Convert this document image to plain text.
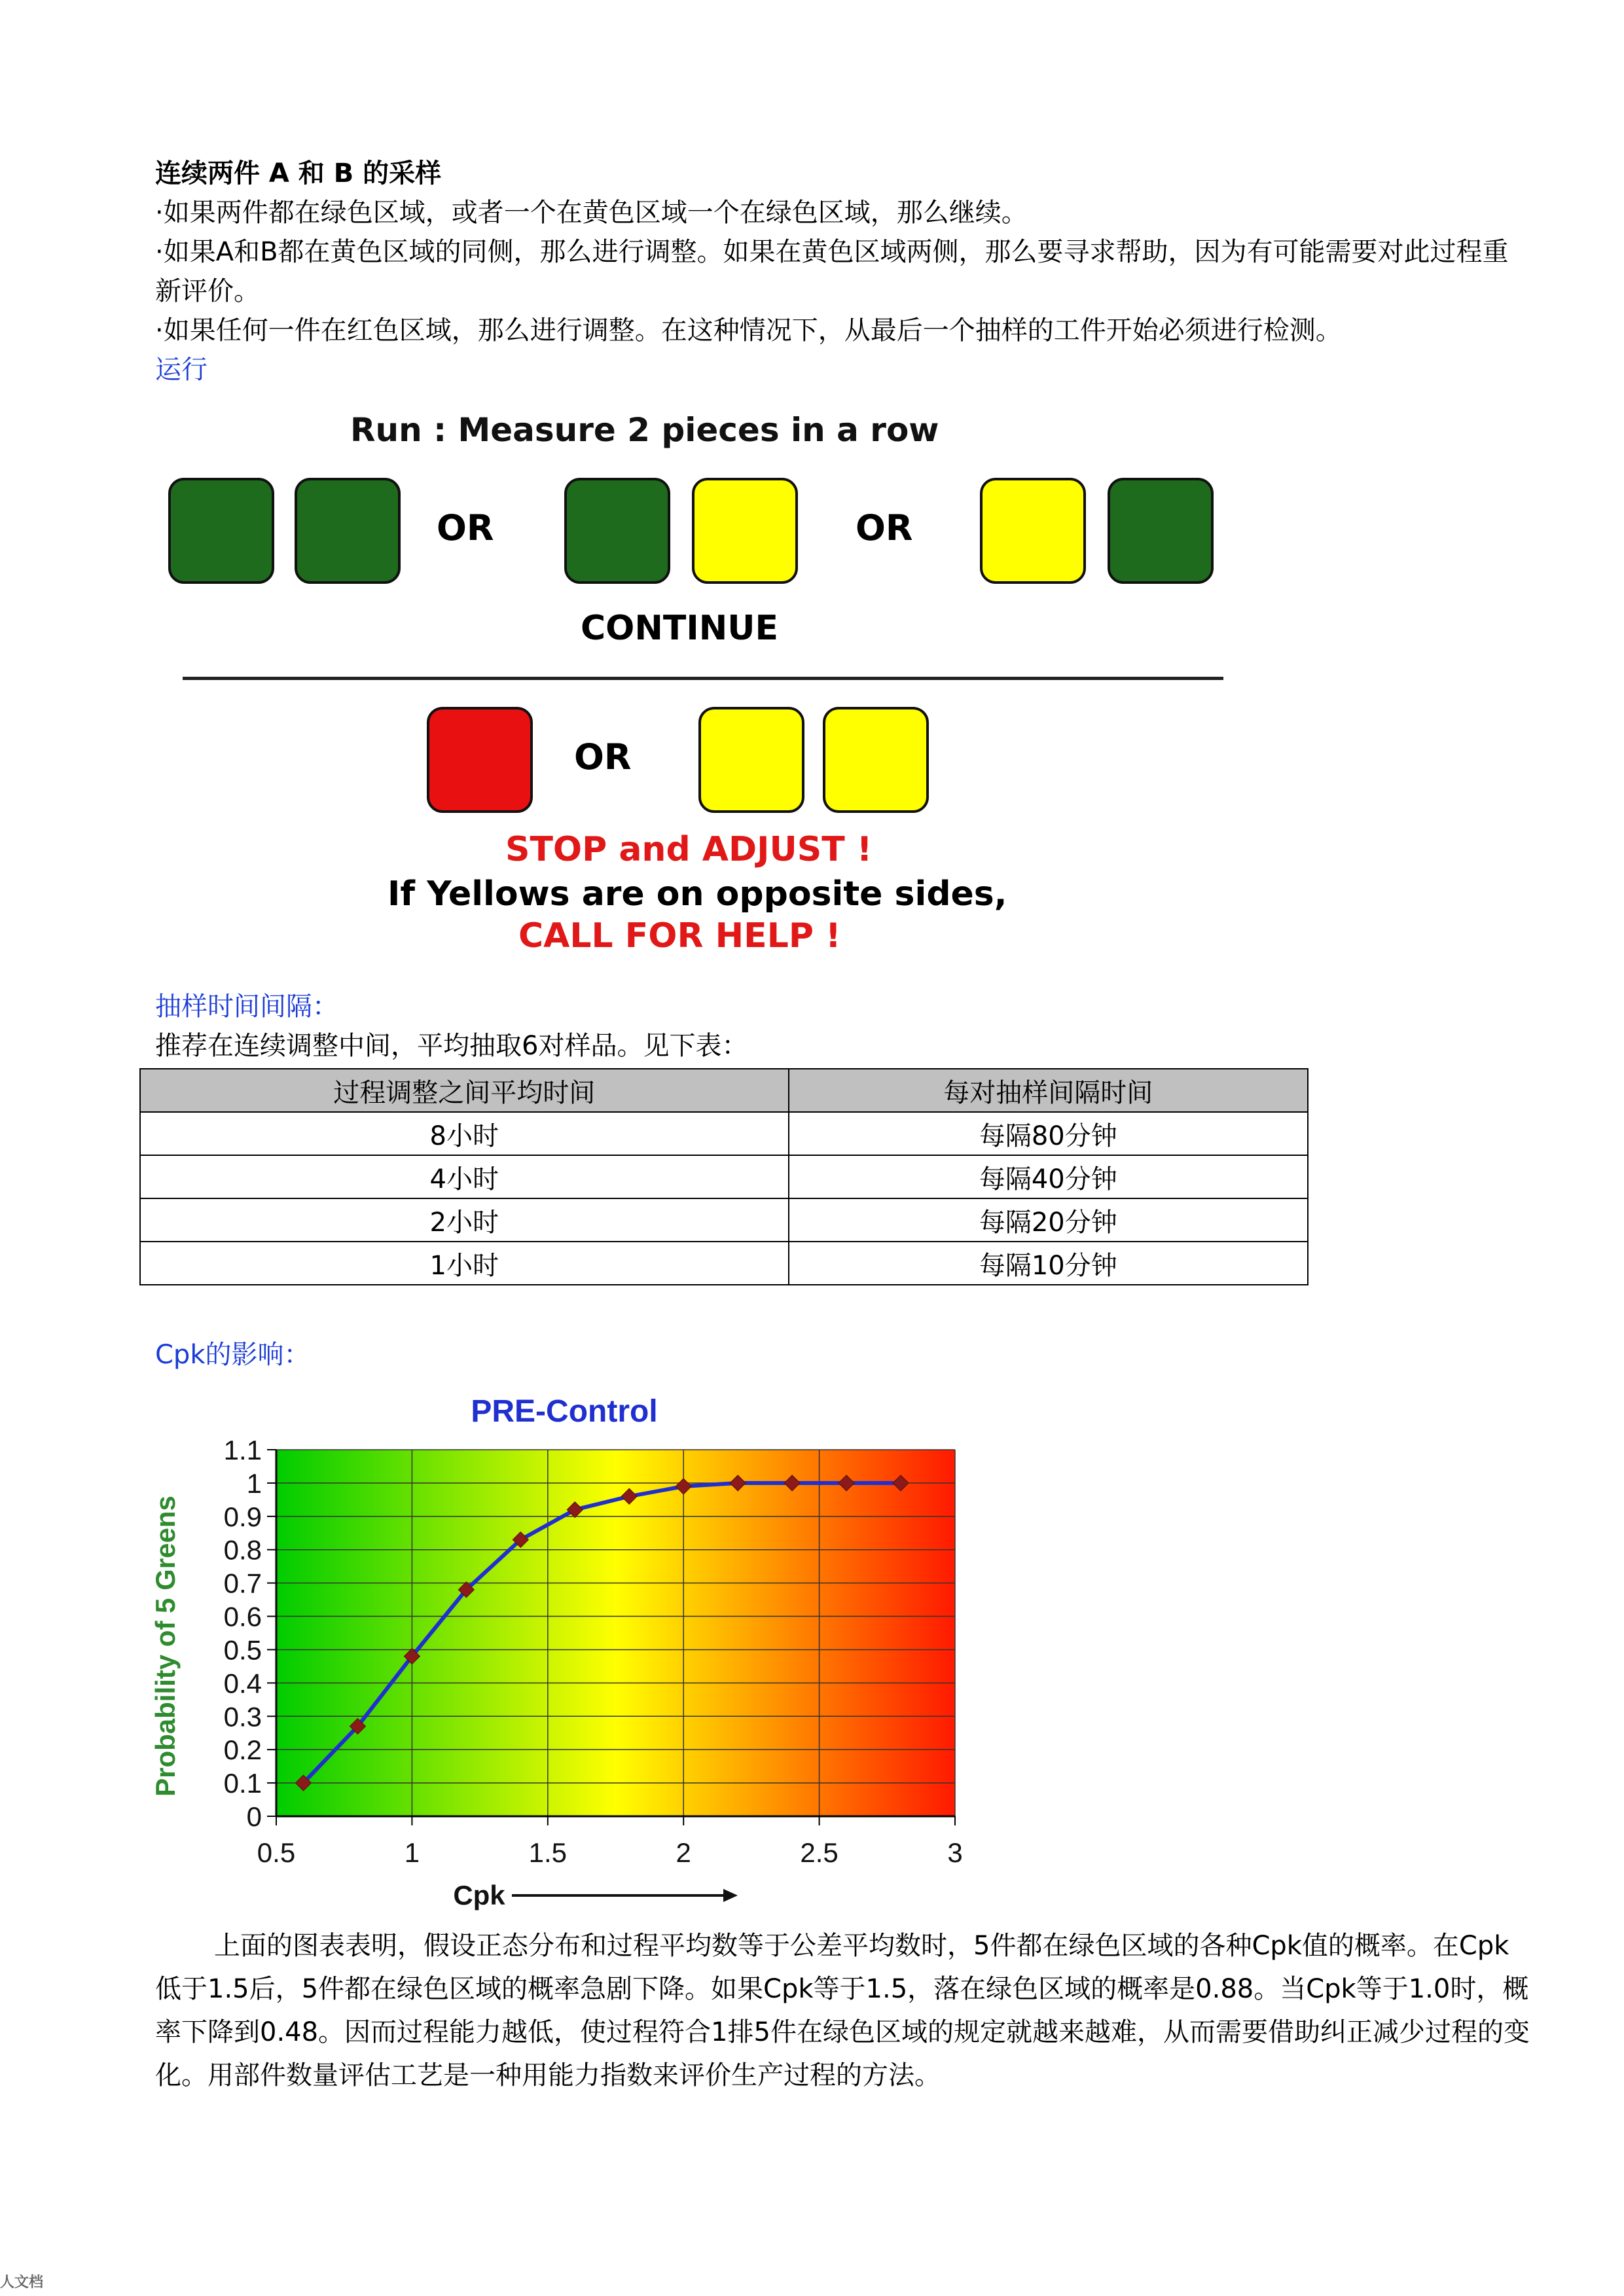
连续两件 A 和 B 的采样
·如果两件都在绿色区域，或者一个在黄色区域一个在绿色区域，那么继续。
·如果A和B都在黄色区域的同侧，那么进行调整。如果在黄色区域两侧，那么要寻求帮助，因为有可能需要对此过程重新评价。
·如果任何一件在红色区域，那么进行调整。在这种情况下，从最后一个抽样的工件开始必须进行检测。
运行
Run : Measure 2 pieces in a row
OR	OR
CONTINUE
OR
STOP and ADJUST !
If Yellows are on opposite sides,
CALL FOR HELP !
抽样时间间隔：
推荐在连续调整中间，平均抽取6对样品。见下表：
过程调整之间平均时间	每对抽样间隔时间
8小时	每隔80分钟
4小时	每隔40分钟
2小时	每隔20分钟
1小时	每隔10分钟
Cpk的影响：
0
0.1
0.2
0.3
0.4
0.5
0.6
0.7
0.8
0.9
1
1.1
0.5	1	1.5	2	2.5	3
PRE-Control
Probability of 5 Greens
Cpk
上面的图表表明，假设正态分布和过程平均数等于公差平均数时，5件都在绿色区域的各种Cpk值的概率。在Cpk低于1.5后，5件都在绿色区域的概率急剧下降。如果Cpk等于1.5，落在绿色区域的概率是0.88。当Cpk等于1.0时，概率下降到0.48。因而过程能力越低，使过程符合1排5件在绿色区域的规定就越来越难，从而需要借助纠正减少过程的变化。用部件数量评估工艺是一种用能力指数来评价生产过程的方法。
人文档
